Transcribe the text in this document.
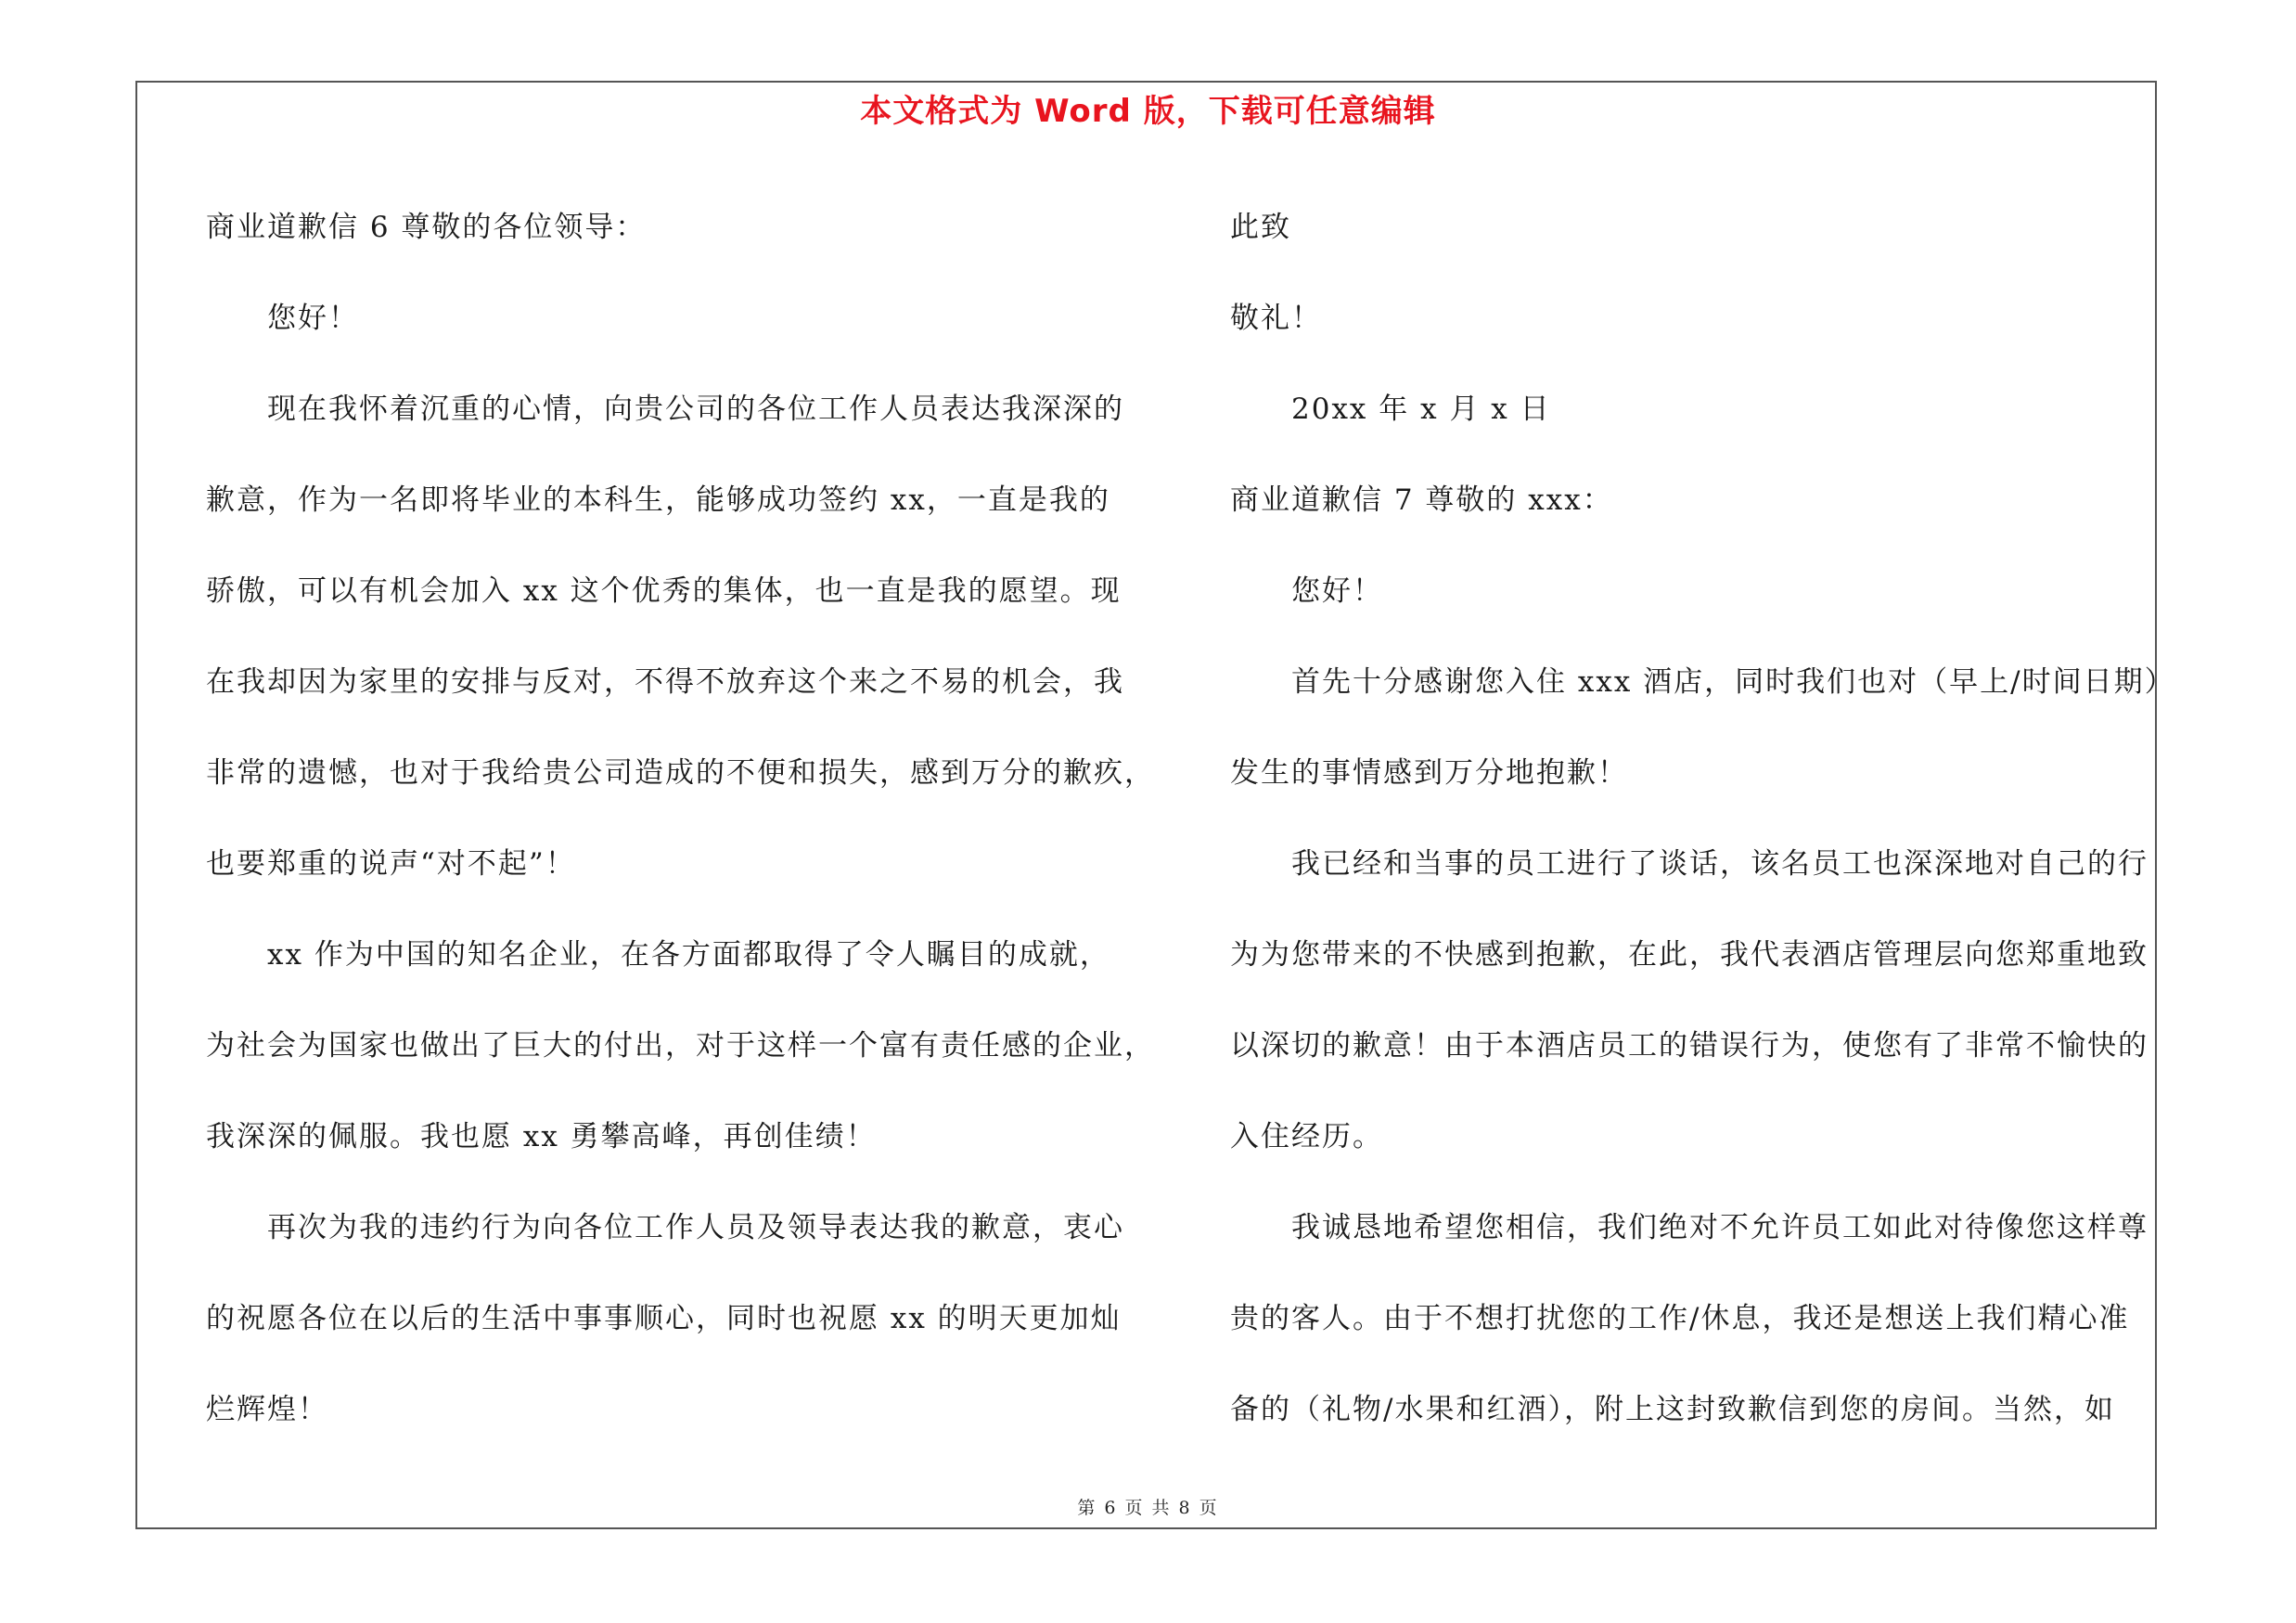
本文格式为 Word 版，下载可任意编辑

商业道歉信 6 尊敬的各位领导：

您好！

现在我怀着沉重的心情，向贵公司的各位工作人员表达我深深的

歉意，作为一名即将毕业的本科生，能够成功签约 xx，一直是我的

骄傲，可以有机会加入 xx 这个优秀的集体，也一直是我的愿望。现

在我却因为家里的安排与反对，不得不放弃这个来之不易的机会，我

非常的遗憾，也对于我给贵公司造成的不便和损失，感到万分的歉疚，

也要郑重的说声“对不起”！

xx 作为中国的知名企业，在各方面都取得了令人瞩目的成就，

为社会为国家也做出了巨大的付出，对于这样一个富有责任感的企业，

我深深的佩服。我也愿 xx 勇攀高峰，再创佳绩！

再次为我的违约行为向各位工作人员及领导表达我的歉意，衷心

的祝愿各位在以后的生活中事事顺心，同时也祝愿 xx 的明天更加灿

烂辉煌！

此致

敬礼！

20xx 年 x 月 x 日

商业道歉信 7 尊敬的 xxx：

您好！

首先十分感谢您入住 xxx 酒店，同时我们也对（早上/时间日期）

发生的事情感到万分地抱歉！

我已经和当事的员工进行了谈话，该名员工也深深地对自己的行

为为您带来的不快感到抱歉，在此，我代表酒店管理层向您郑重地致

以深切的歉意！由于本酒店员工的错误行为，使您有了非常不愉快的

入住经历。

我诚恳地希望您相信，我们绝对不允许员工如此对待像您这样尊

贵的客人。由于不想打扰您的工作/休息，我还是想送上我们精心准

备的（礼物/水果和红酒），附上这封致歉信到您的房间。当然，如

第 6 页 共 8 页
